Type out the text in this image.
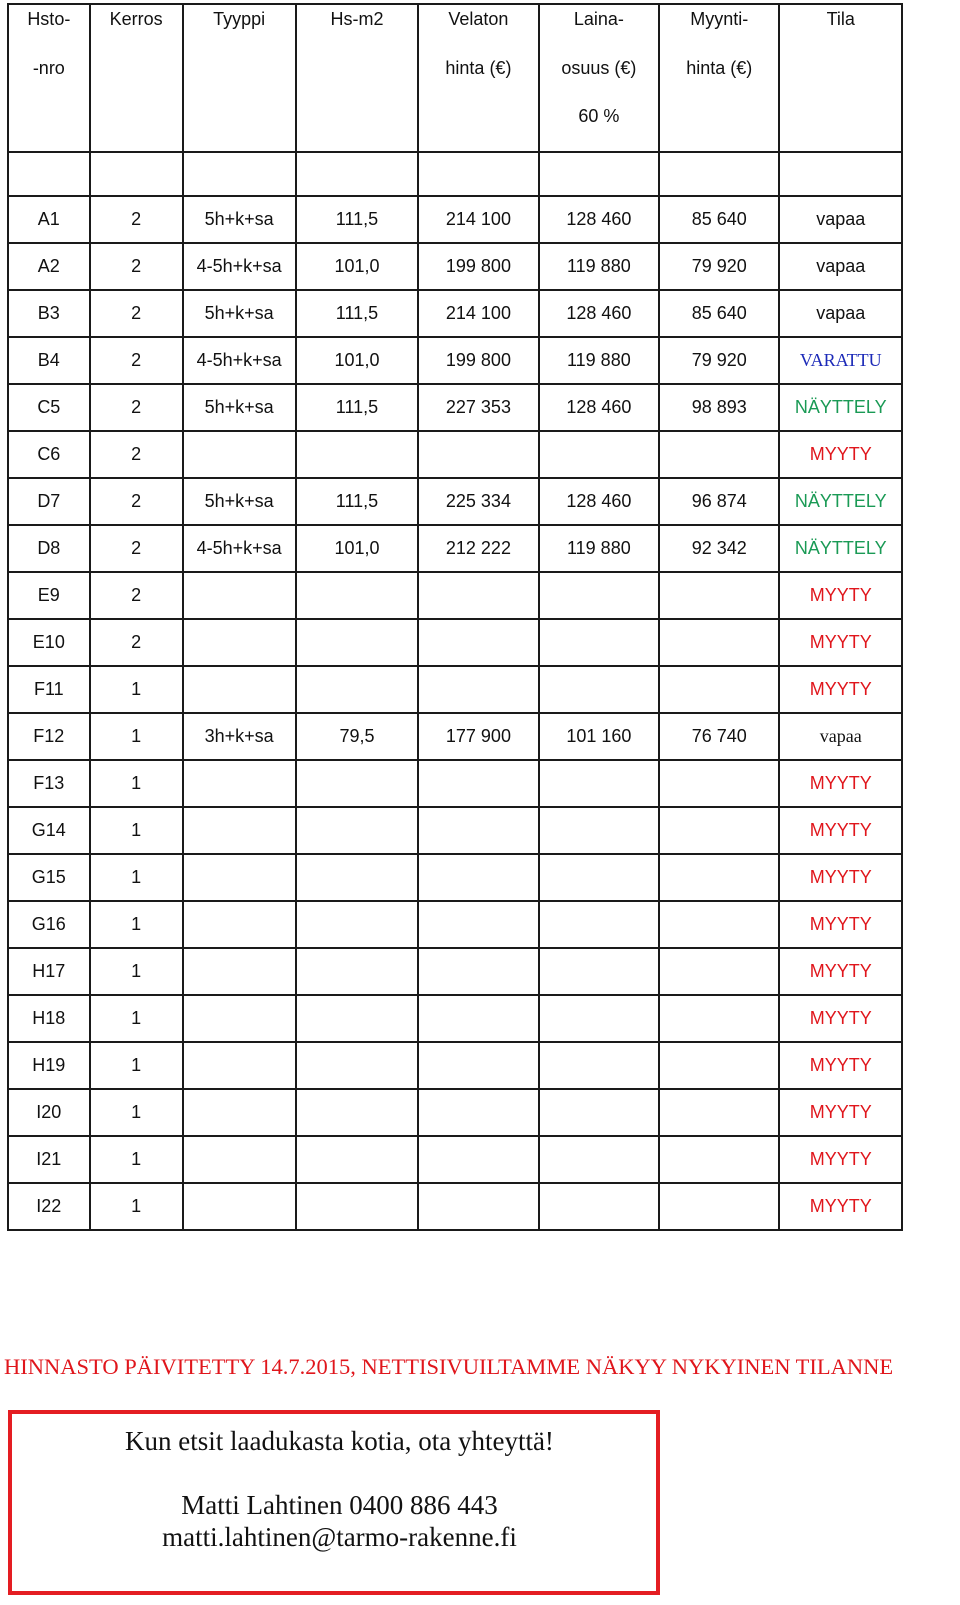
Hsto-	Kerros	Tyyppi	Hs-m2	Velaton	Laina-	Myynti-	Tila
-nro				hinta (€)	osuus (€)	hinta (€)	
					60 %		

A1	2	5h+k+sa	111,5	214 100	128 460	85 640	vapaa
A2	2	4-5h+k+sa	101,0	199 800	119 880	79 920	vapaa
B3	2	5h+k+sa	111,5	214 100	128 460	85 640	vapaa
B4	2	4-5h+k+sa	101,0	199 800	119 880	79 920	VARATTU
C5	2	5h+k+sa	111,5	227 353	128 460	98 893	NÄYTTELY
C6	2						MYYTY
D7	2	5h+k+sa	111,5	225 334	128 460	96 874	NÄYTTELY
D8	2	4-5h+k+sa	101,0	212 222	119 880	92 342	NÄYTTELY
E9	2						MYYTY
E10	2						MYYTY
F11	1						MYYTY
F12	1	3h+k+sa	79,5	177 900	101 160	76 740	vapaa
F13	1						MYYTY
G14	1						MYYTY
G15	1						MYYTY
G16	1						MYYTY
H17	1						MYYTY
H18	1						MYYTY
H19	1						MYYTY
I20	1						MYYTY
I21	1						MYYTY
I22	1						MYYTY
HINNASTO PÄIVITETTY 14.7.2015, NETTISIVUILTAMME NÄKYY NYKYINEN TILANNE
Kun etsit laadukasta kotia, ota yhteyttä!
Matti Lahtinen 0400 886 443
matti.lahtinen@tarmo-rakenne.fi
